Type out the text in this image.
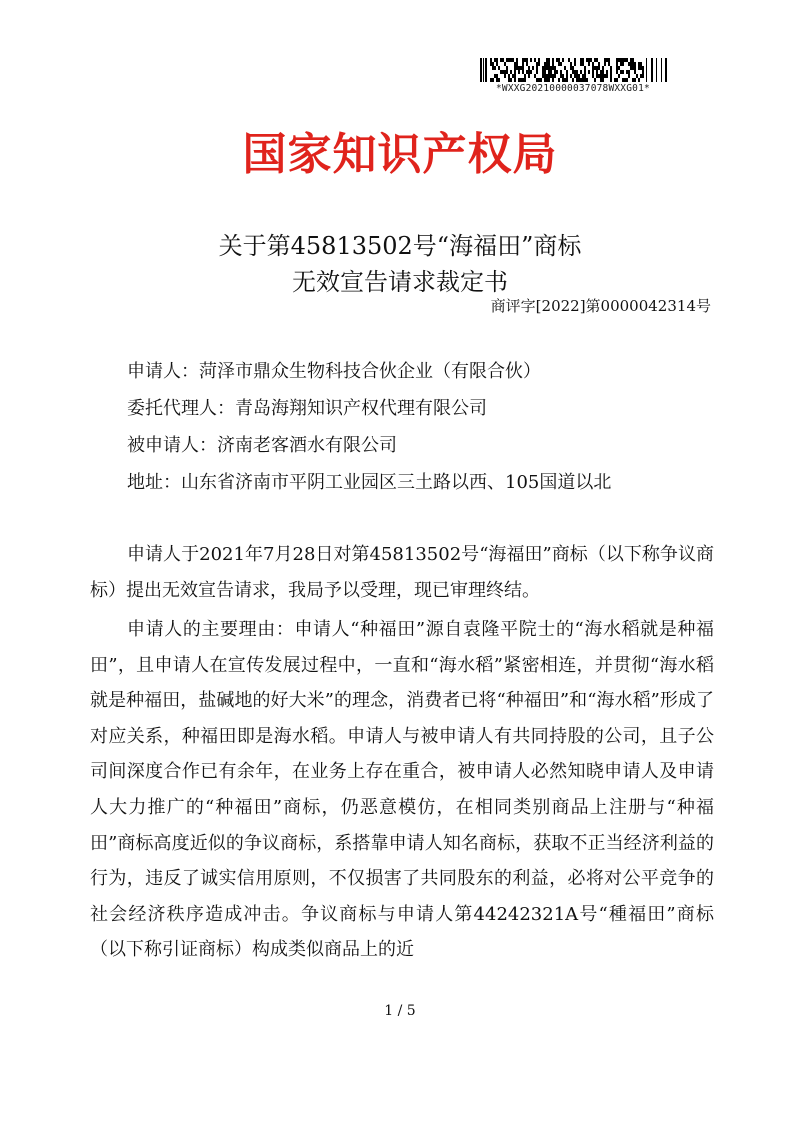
*WXXG20210000037078WXXG01*
国家知识产权局
关于第45813502号“海福田”商标
无效宣告请求裁定书
商评字[2022]第0000042314号
申请人：菏泽市鼎众生物科技合伙企业（有限合伙）
委托代理人：青岛海翔知识产权代理有限公司
被申请人：济南老客酒水有限公司
地址：山东省济南市平阴工业园区三土路以西、105国道以北
申请人于2021年7月28日对第45813502号“海福田”商标（以下称争议商标）提出无效宣告请求，我局予以受理，现已审理终结。
申请人的主要理由：申请人“种福田”源自袁隆平院士的“海水稻就是种福田”，且申请人在宣传发展过程中，一直和“海水稻”紧密相连，并贯彻“海水稻就是种福田，盐碱地的好大米”的理念，消费者已将“种福田”和“海水稻”形成了对应关系，种福田即是海水稻。申请人与被申请人有共同持股的公司，且子公司间深度合作已有余年，在业务上存在重合，被申请人必然知晓申请人及申请人大力推广的“种福田”商标，仍恶意模仿，在相同类别商品上注册与“种福田”商标高度近似的争议商标，系搭靠申请人知名商标，获取不正当经济利益的行为，违反了诚实信用原则，不仅损害了共同股东的利益，必将对公平竞争的社会经济秩序造成冲击。争议商标与申请人第44242321A号“種福田”商标（以下称引证商标）构成类似商品上的近
1 / 5
